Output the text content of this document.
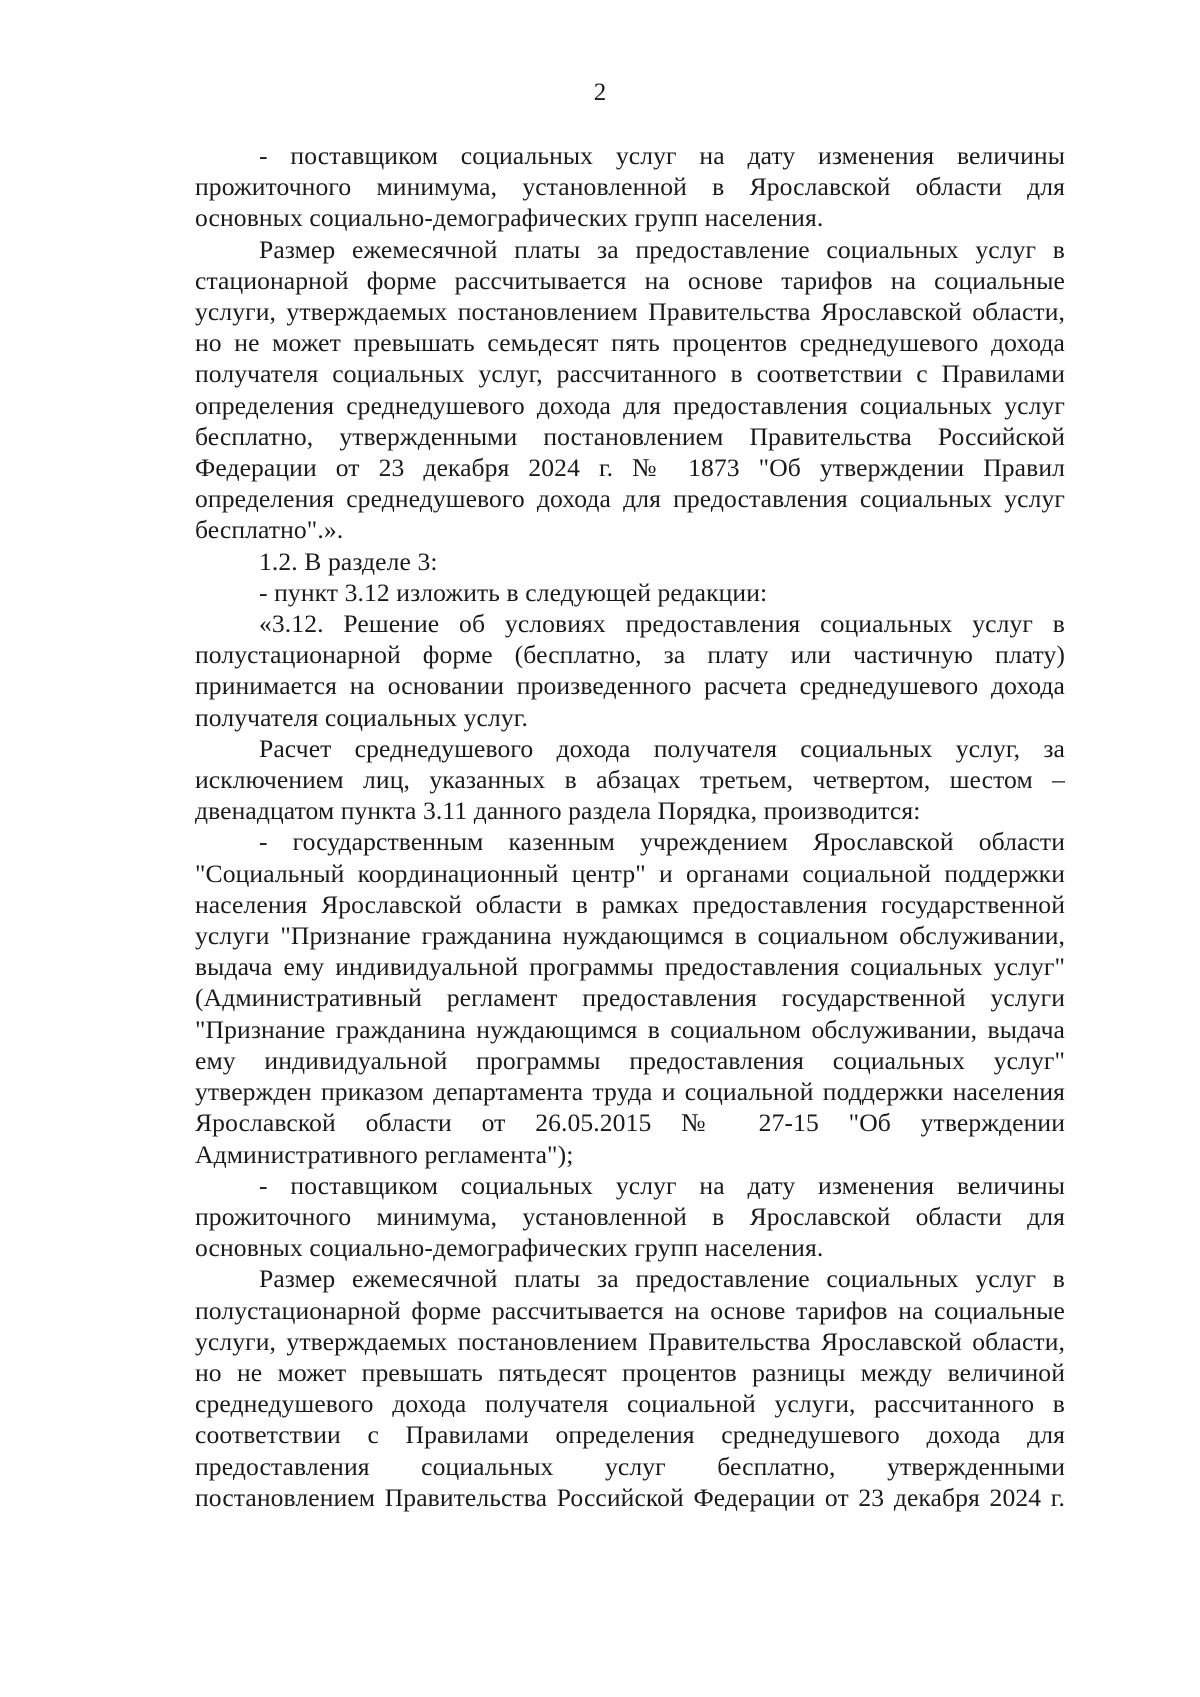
2

- поставщиком социальных услуг на дату изменения величины прожиточного минимума, установленной в Ярославской области для основных социально-демографических групп населения.

Размер ежемесячной платы за предоставление социальных услуг в стационарной форме рассчитывается на основе тарифов на социальные услуги, утверждаемых постановлением Правительства Ярославской области, но не может превышать семьдесят пять процентов среднедушевого дохода получателя социальных услуг, рассчитанного в соответствии с Правилами определения среднедушевого дохода для предоставления социальных услуг бесплатно, утвержденными постановлением Правительства Российской Федерации от 23 декабря 2024 г. № 1873 "Об утверждении Правил определения среднедушевого дохода для предоставления социальных услуг бесплатно".».

1.2. В разделе 3:

- пункт 3.12 изложить в следующей редакции:

«3.12. Решение об условиях предоставления социальных услуг в полустационарной форме (бесплатно, за плату или частичную плату) принимается на основании произведенного расчета среднедушевого дохода получателя социальных услуг.

Расчет среднедушевого дохода получателя социальных услуг, за исключением лиц, указанных в абзацах третьем, четвертом, шестом – двенадцатом пункта 3.11 данного раздела Порядка, производится:

- государственным казенным учреждением Ярославской области "Социальный координационный центр" и органами социальной поддержки населения Ярославской области в рамках предоставления государственной услуги "Признание гражданина нуждающимся в социальном обслуживании, выдача ему индивидуальной программы предоставления социальных услуг" (Административный регламент предоставления государственной услуги "Признание гражданина нуждающимся в социальном обслуживании, выдача ему индивидуальной программы предоставления социальных услуг" утвержден приказом департамента труда и социальной поддержки населения Ярославской области от 26.05.2015 № 27-15 "Об утверждении Административного регламента");

- поставщиком социальных услуг на дату изменения величины прожиточного минимума, установленной в Ярославской области для основных социально-демографических групп населения.

Размер ежемесячной платы за предоставление социальных услуг в полустационарной форме рассчитывается на основе тарифов на социальные услуги, утверждаемых постановлением Правительства Ярославской области, но не может превышать пятьдесят процентов разницы между величиной среднедушевого дохода получателя социальной услуги, рассчитанного в соответствии с Правилами определения среднедушевого дохода для предоставления социальных услуг бесплатно, утвержденными постановлением Правительства Российской Федерации от 23 декабря 2024 г.
